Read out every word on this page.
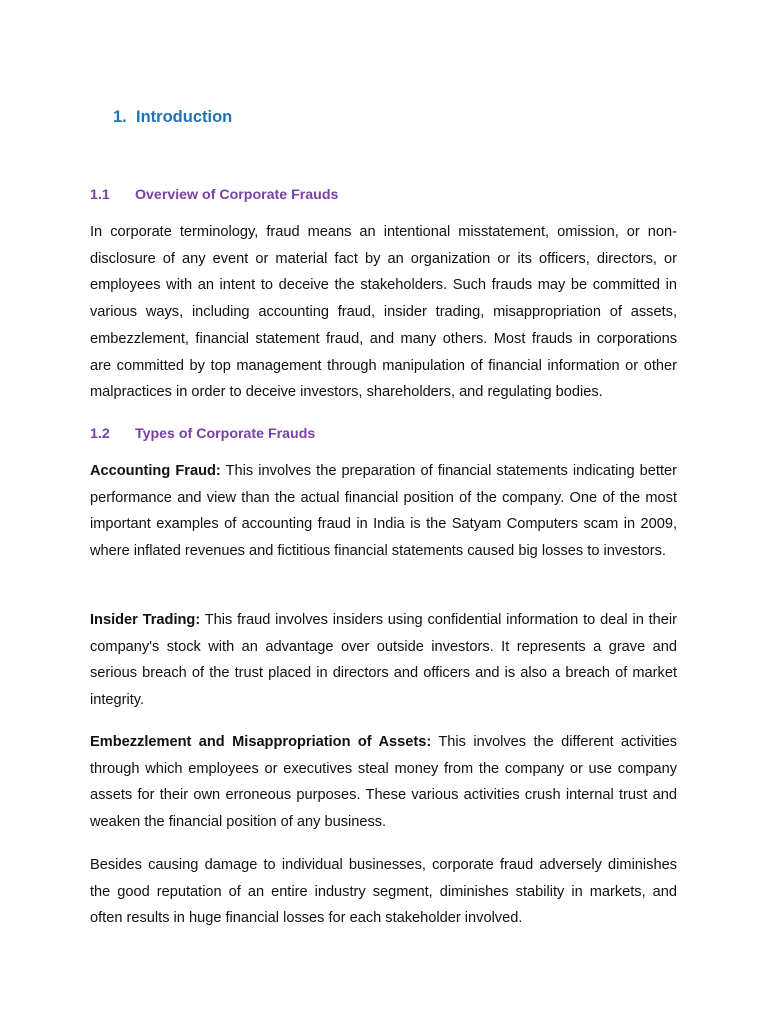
1. Introduction
1.1 Overview of Corporate Frauds

In corporate terminology, fraud means an intentional misstatement, omission, or non-disclosure of any event or material fact by an organization or its officers, directors, or employees with an intent to deceive the stakeholders. Such frauds may be committed in various ways, including accounting fraud, insider trading, misappropriation of assets, embezzlement, financial statement fraud, and many others. Most frauds in corporations are committed by top management through manipulation of financial information or other malpractices in order to deceive investors, shareholders, and regulating bodies.

1.2 Types of Corporate Frauds

Accounting Fraud: This involves the preparation of financial statements indicating better performance and view than the actual financial position of the company. One of the most important examples of accounting fraud in India is the Satyam Computers scam in 2009, where inflated revenues and fictitious financial statements caused big losses to investors.

Insider Trading: This fraud involves insiders using confidential information to deal in their company's stock with an advantage over outside investors. It represents a grave and serious breach of the trust placed in directors and officers and is also a breach of market integrity.

Embezzlement and Misappropriation of Assets: This involves the different activities through which employees or executives steal money from the company or use company assets for their own erroneous purposes. These various activities crush internal trust and weaken the financial position of any business.

Besides causing damage to individual businesses, corporate fraud adversely diminishes the good reputation of an entire industry segment, diminishes stability in markets, and often results in huge financial losses for each stakeholder involved.
